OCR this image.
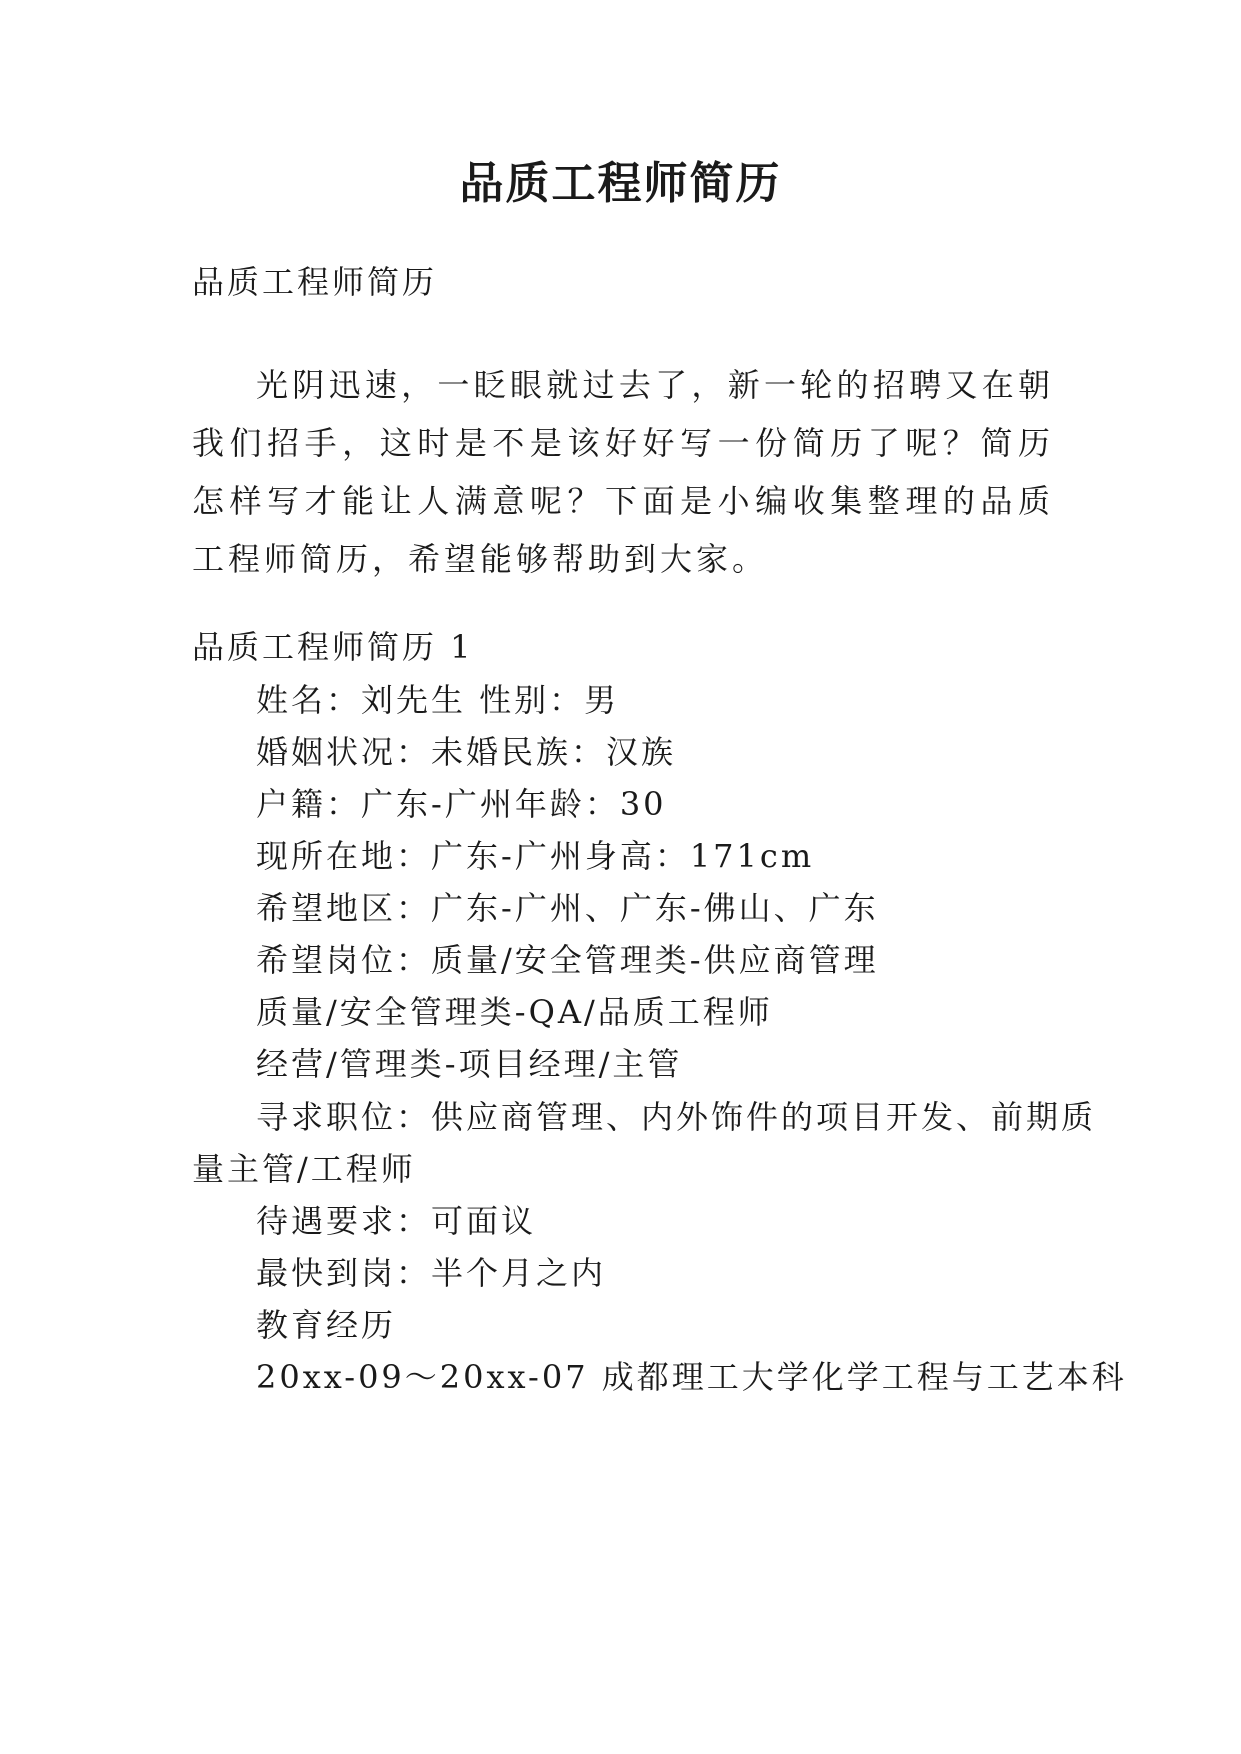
品质工程师简历
品质工程师简历
光阴迅速，一眨眼就过去了，新一轮的招聘又在朝我们招手，这时是不是该好好写一份简历了呢？简历怎样写才能让人满意呢？下面是小编收集整理的品质工程师简历，希望能够帮助到大家。
品质工程师简历 1
姓名：刘先生 性别：男
婚姻状况：未婚民族：汉族
户籍：广东-广州年龄：30
现所在地：广东-广州身高：171cm
希望地区：广东-广州、广东-佛山、广东
希望岗位：质量/安全管理类-供应商管理
质量/安全管理类-QA/品质工程师
经营/管理类-项目经理/主管
寻求职位：供应商管理、内外饰件的项目开发、前期质
量主管/工程师
待遇要求：可面议
最快到岗：半个月之内
教育经历
20xx-09～20xx-07 成都理工大学化学工程与工艺本科
